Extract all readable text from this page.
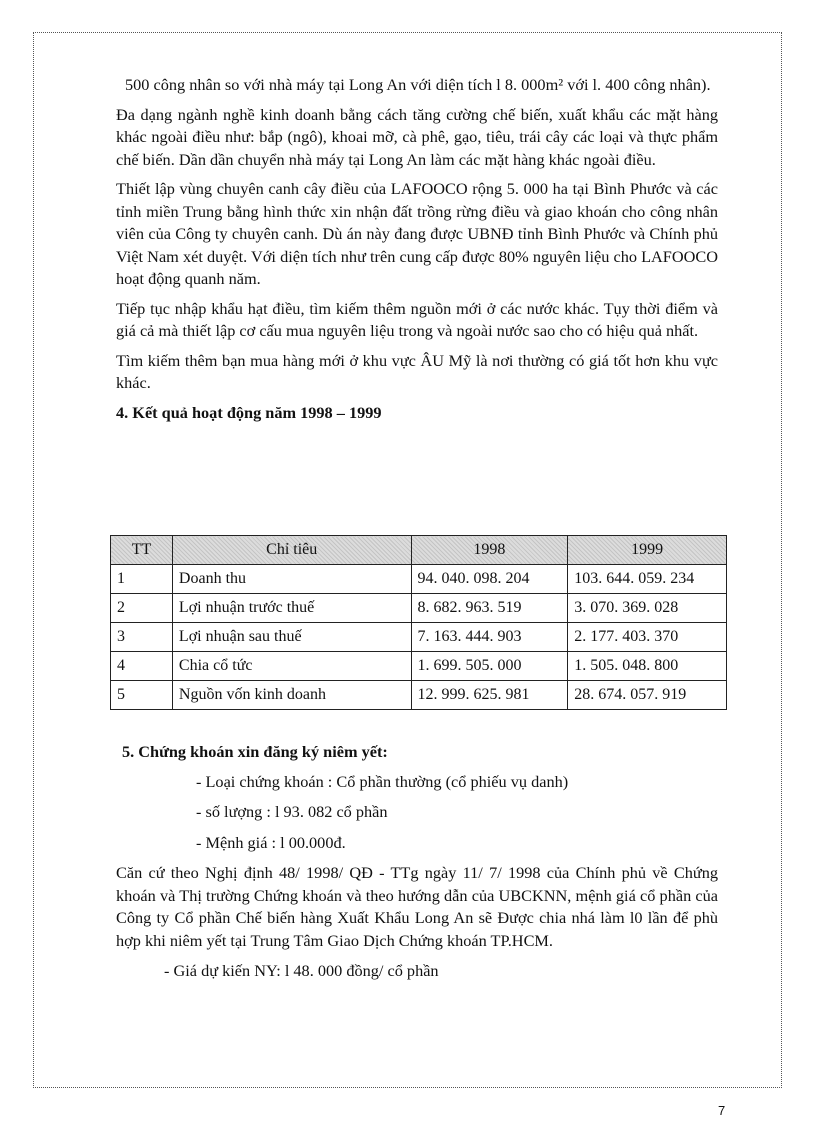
500 công nhân so với nhà máy tại Long An với diện tích l 8. 000m² với l. 400 công nhân).

Đa dạng ngành nghề kinh doanh bằng cách tăng cường chế biến, xuất khẩu các mặt hàng khác ngoài điều như: bắp (ngô), khoai mỡ, cà phê, gạo, tiêu, trái cây các loại và thực phẩm chế biến. Dần dần chuyển nhà máy tại Long An làm các mặt hàng khác ngoài điều.

Thiết lập vùng chuyên canh cây điều của LAFOOCO rộng 5. 000 ha tại Bình Phước và các tỉnh miền Trung bằng hình thức xin nhận đất trồng rừng điều và giao khoán cho công nhân viên của Công ty chuyên canh. Dù án này đang được UBNĐ tỉnh Bình Phước và Chính phủ Việt Nam xét duyệt. Với diện tích như trên cung cấp được 80% nguyên liệu cho LAFOOCO hoạt động quanh năm.

Tiếp tục nhập khẩu hạt điều, tìm kiếm thêm nguồn mới ở các nước khác. Tụy thời điểm và giá cả mà thiết lập cơ cấu mua nguyên liệu trong và ngoài nước sao cho có hiệu quả nhất.

Tìm kiếm thêm bạn mua hàng mới ở khu vực ÂU Mỹ là nơi thường có giá tốt hơn khu vực khác.

4. Kết quả hoạt động năm 1998 – 1999
TT	Chỉ tiêu	1998	1999
1	Doanh thu	94. 040. 098. 204	103. 644. 059. 234
2	Lợi nhuận trước thuế	8. 682. 963. 519	3. 070. 369. 028
3	Lợi nhuận sau thuế	7. 163. 444. 903	2. 177. 403. 370
4	Chia cổ tức	1. 699. 505. 000	1. 505. 048. 800
5	Nguồn vốn kinh doanh	12. 999. 625. 981	28. 674. 057. 919
5. Chứng khoán xin đăng ký niêm yết:
- Loại chứng khoán : Cổ phần thường (cổ phiếu vụ danh)
- số lượng : l 93. 082 cổ phần
- Mệnh giá : l 00.000đ.

Căn cứ theo Nghị định 48/ 1998/ QĐ - TTg ngày 11/ 7/ 1998 của Chính phủ về Chứng khoán và Thị trường Chứng khoán và theo hướng dẫn của UBCKNN, mệnh giá cổ phần của Công ty Cổ phần Chế biến hàng Xuất Khẩu Long An sẽ Được chia nhá làm l0 lần để phù hợp khi niêm yết tại Trung Tâm Giao Dịch Chứng khoán TP.HCM.

- Giá dự kiến NY: l 48. 000 đồng/ cổ phần
7
